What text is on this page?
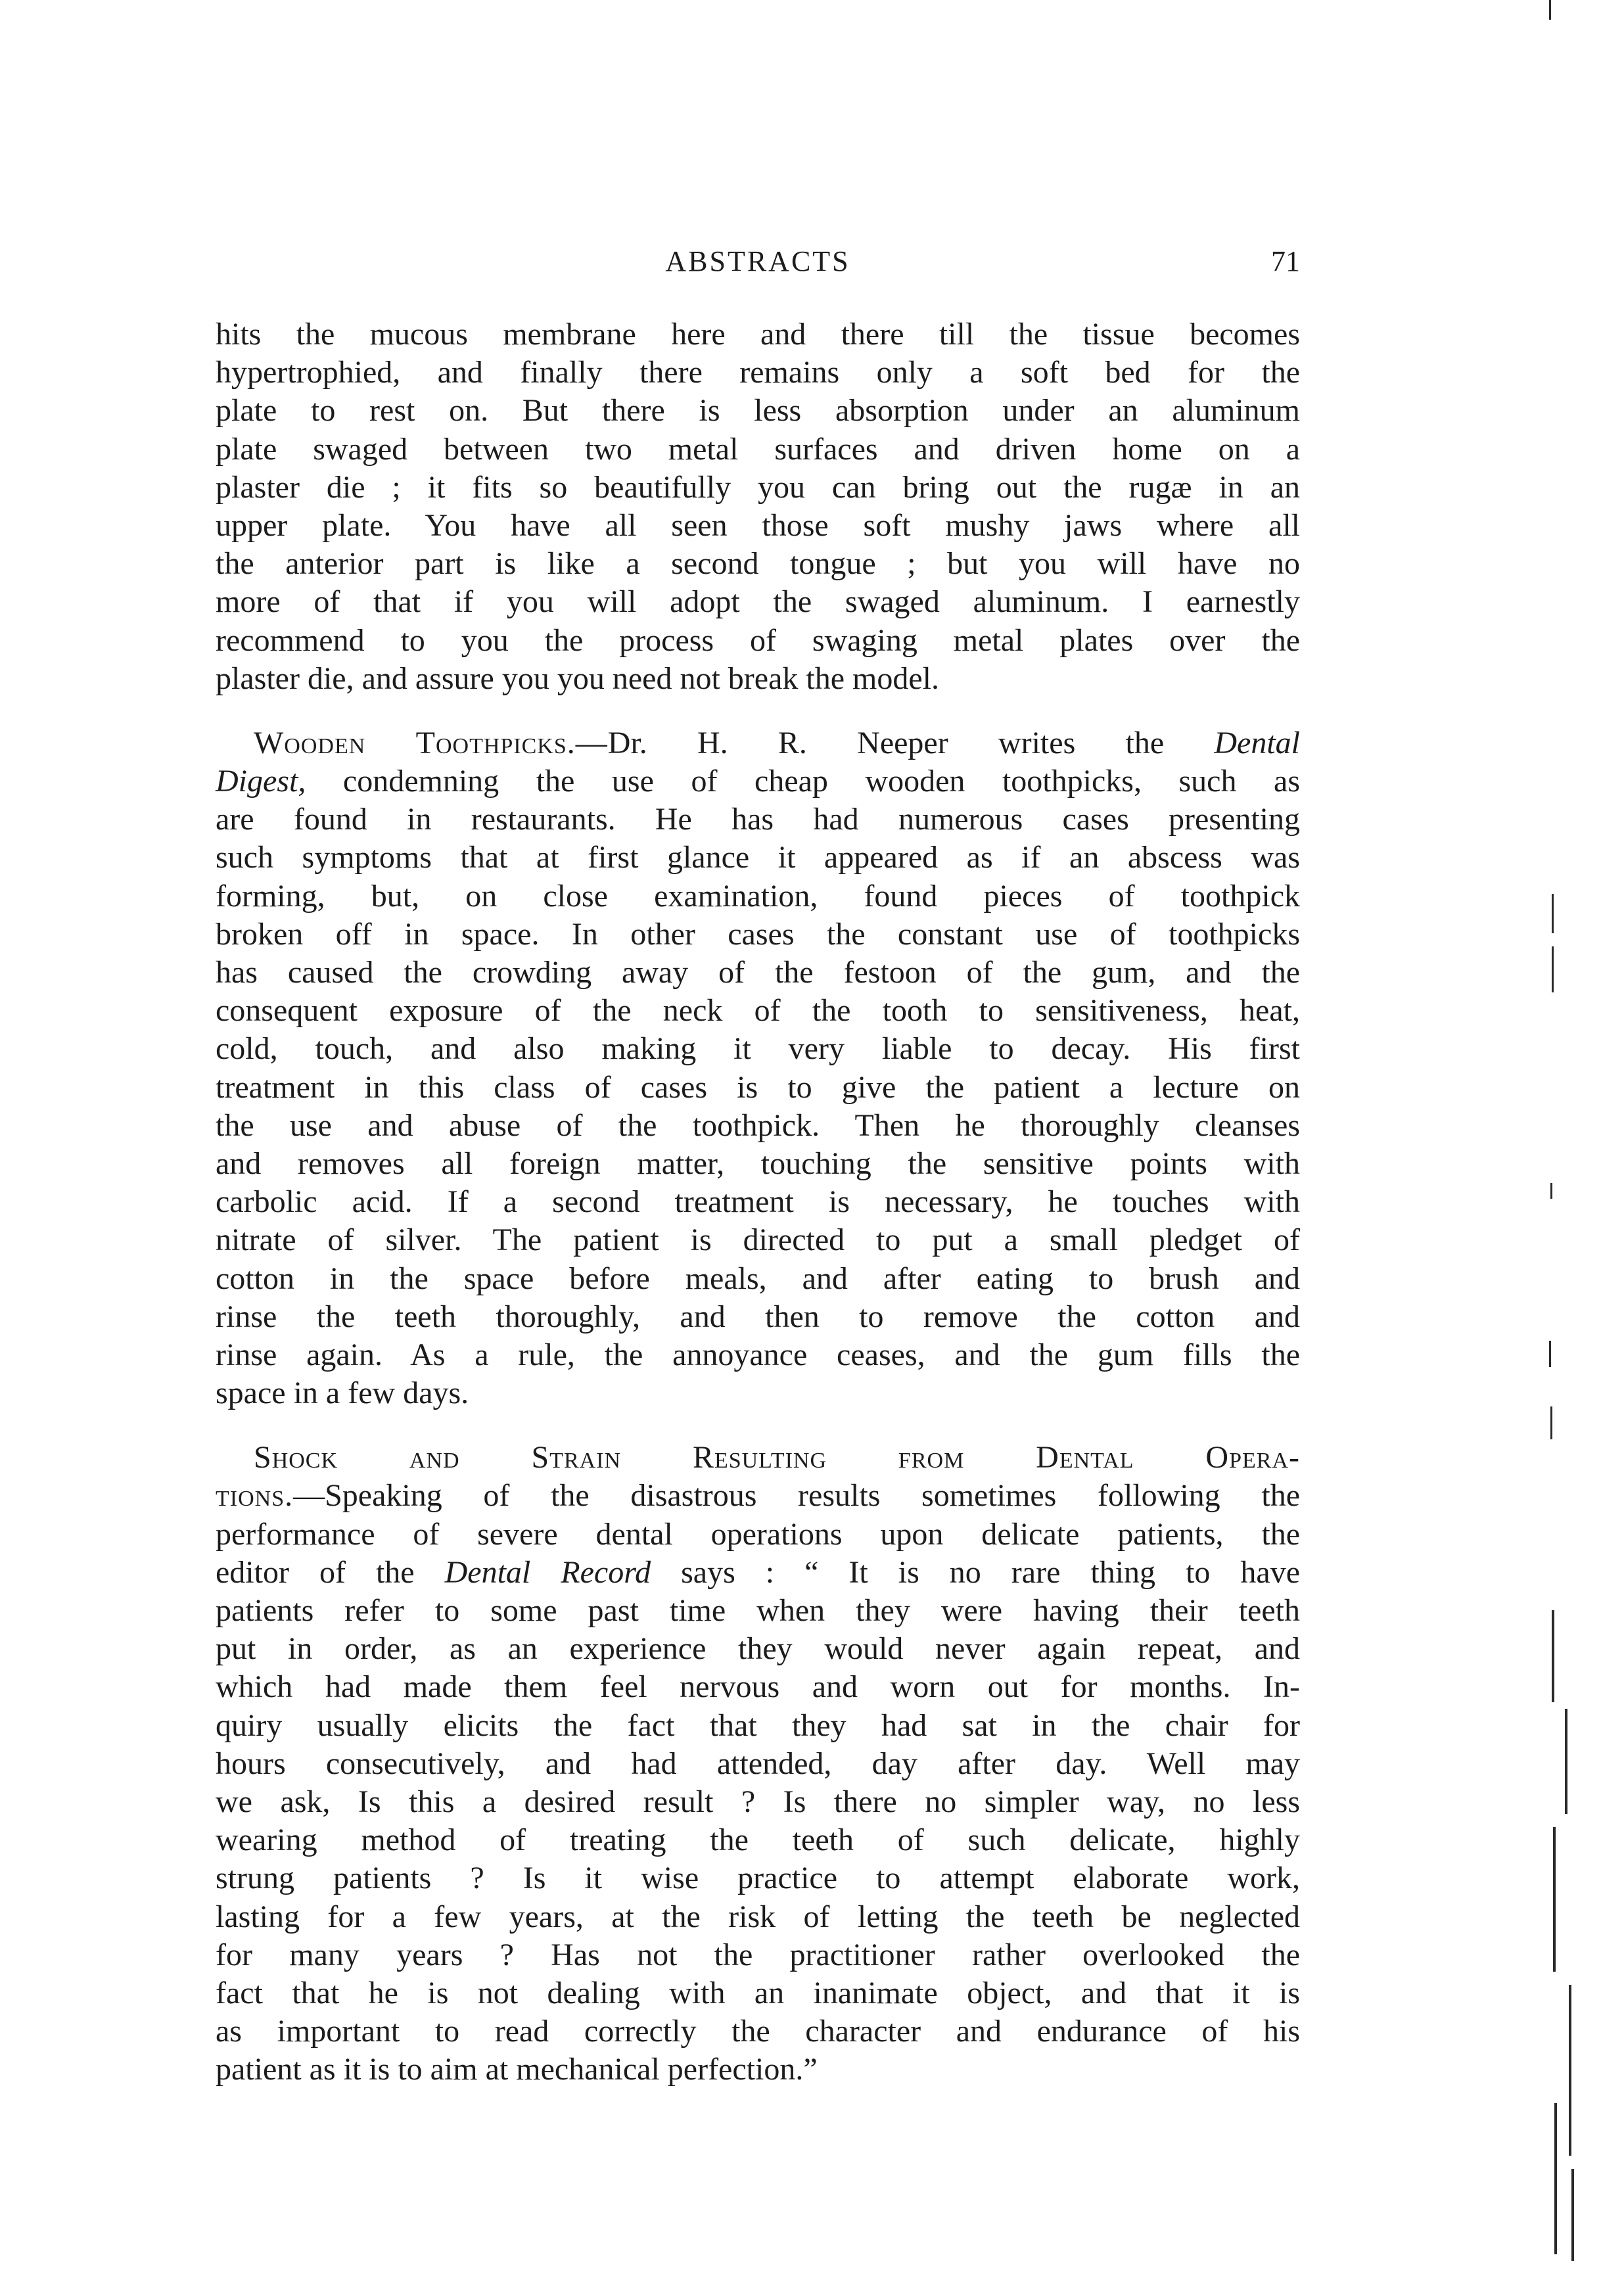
ABSTRACTS	71
hits the mucous membrane here and there till the tissue becomes
hypertrophied, and finally there remains only a soft bed for the
plate to rest on. But there is less absorption under an aluminum
plate swaged between two metal surfaces and driven home on a
plaster die ; it fits so beautifully you can bring out the rugæ in an
upper plate. You have all seen those soft mushy jaws where all
the anterior part is like a second tongue ; but you will have no
more of that if you will adopt the swaged aluminum. I earnestly
recommend to you the process of swaging metal plates over the
plaster die, and assure you you need not break the model.
Wooden Toothpicks.—Dr. H. R. Neeper writes the Dental
Digest, condemning the use of cheap wooden toothpicks, such as
are found in restaurants. He has had numerous cases presenting
such symptoms that at first glance it appeared as if an abscess was
forming, but, on close examination, found pieces of toothpick
broken off in space. In other cases the constant use of toothpicks
has caused the crowding away of the festoon of the gum, and the
consequent exposure of the neck of the tooth to sensitiveness, heat,
cold, touch, and also making it very liable to decay. His first
treatment in this class of cases is to give the patient a lecture on
the use and abuse of the toothpick. Then he thoroughly cleanses
and removes all foreign matter, touching the sensitive points with
carbolic acid. If a second treatment is necessary, he touches with
nitrate of silver. The patient is directed to put a small pledget of
cotton in the space before meals, and after eating to brush and
rinse the teeth thoroughly, and then to remove the cotton and
rinse again. As a rule, the annoyance ceases, and the gum fills the
space in a few days.
Shock and Strain Resulting from Dental Opera-
tions.—Speaking of the disastrous results sometimes following the
performance of severe dental operations upon delicate patients, the
editor of the Dental Record says : “ It is no rare thing to have
patients refer to some past time when they were having their teeth
put in order, as an experience they would never again repeat, and
which had made them feel nervous and worn out for months. In-
quiry usually elicits the fact that they had sat in the chair for
hours consecutively, and had attended, day after day. Well may
we ask, Is this a desired result ? Is there no simpler way, no less
wearing method of treating the teeth of such delicate, highly
strung patients ? Is it wise practice to attempt elaborate work,
lasting for a few years, at the risk of letting the teeth be neglected
for many years ? Has not the practitioner rather overlooked the
fact that he is not dealing with an inanimate object, and that it is
as important to read correctly the character and endurance of his
patient as it is to aim at mechanical perfection.”
